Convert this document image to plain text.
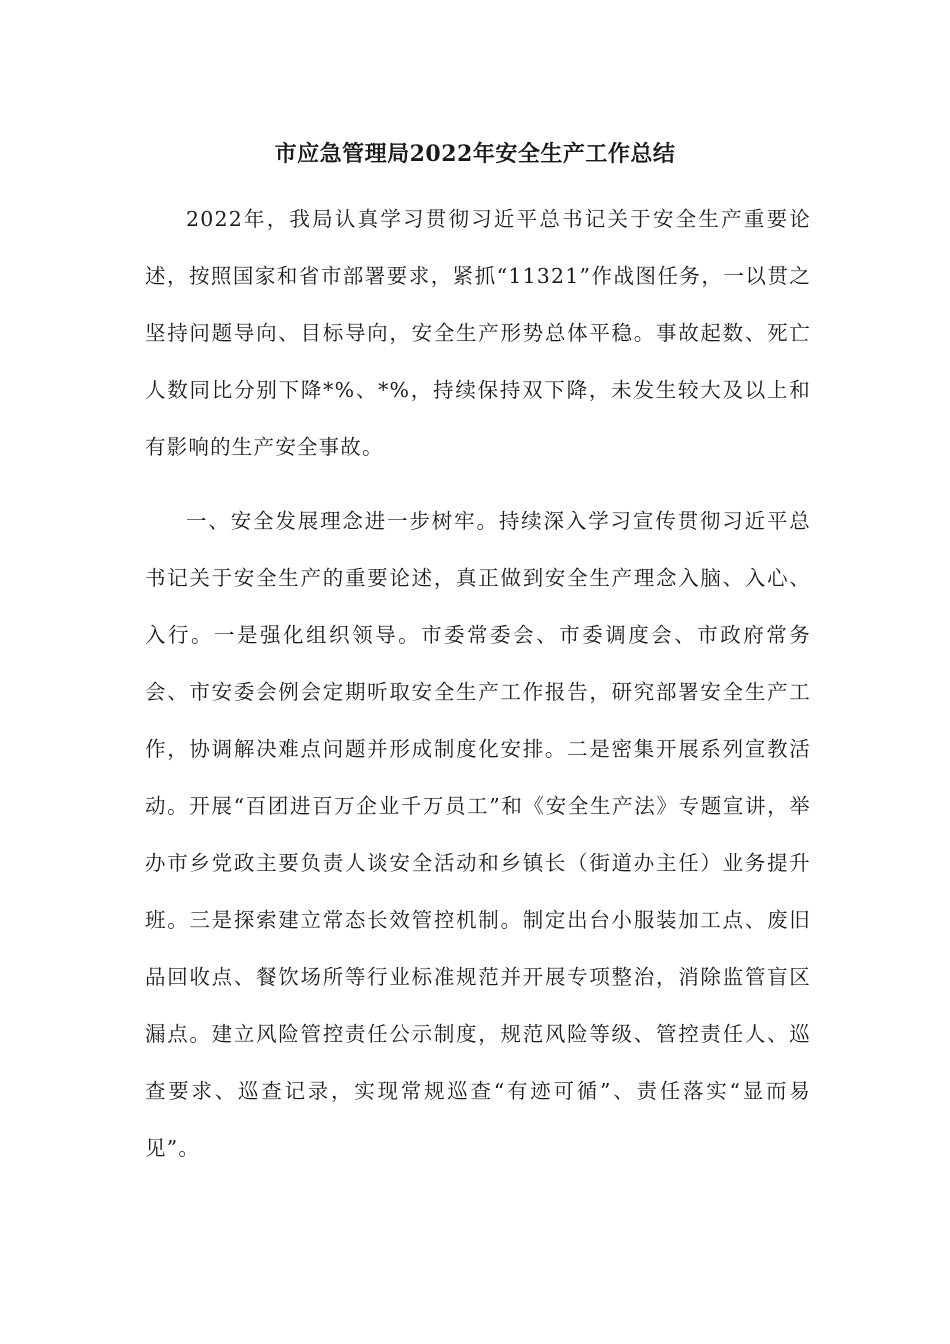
市应急管理局2022年安全生产工作总结

2022年，我局认真学习贯彻习近平总书记关于安全生产重要论述，按照国家和省市部署要求，紧抓“11321”作战图任务，一以贯之坚持问题导向、目标导向，安全生产形势总体平稳。事故起数、死亡人数同比分别下降*%、*%，持续保持双下降，未发生较大及以上和有影响的生产安全事故。

一、安全发展理念进一步树牢。持续深入学习宣传贯彻习近平总书记关于安全生产的重要论述，真正做到安全生产理念入脑、入心、入行。一是强化组织领导。市委常委会、市委调度会、市政府常务会、市安委会例会定期听取安全生产工作报告，研究部署安全生产工作，协调解决难点问题并形成制度化安排。二是密集开展系列宣教活动。开展“百团进百万企业千万员工”和《安全生产法》专题宣讲，举办市乡党政主要负责人谈安全活动和乡镇长（街道办主任）业务提升班。三是探索建立常态长效管控机制。制定出台小服装加工点、废旧品回收点、餐饮场所等行业标准规范并开展专项整治，消除监管盲区漏点。建立风险管控责任公示制度，规范风险等级、管控责任人、巡查要求、巡查记录，实现常规巡查“有迹可循”、责任落实“显而易见”。
